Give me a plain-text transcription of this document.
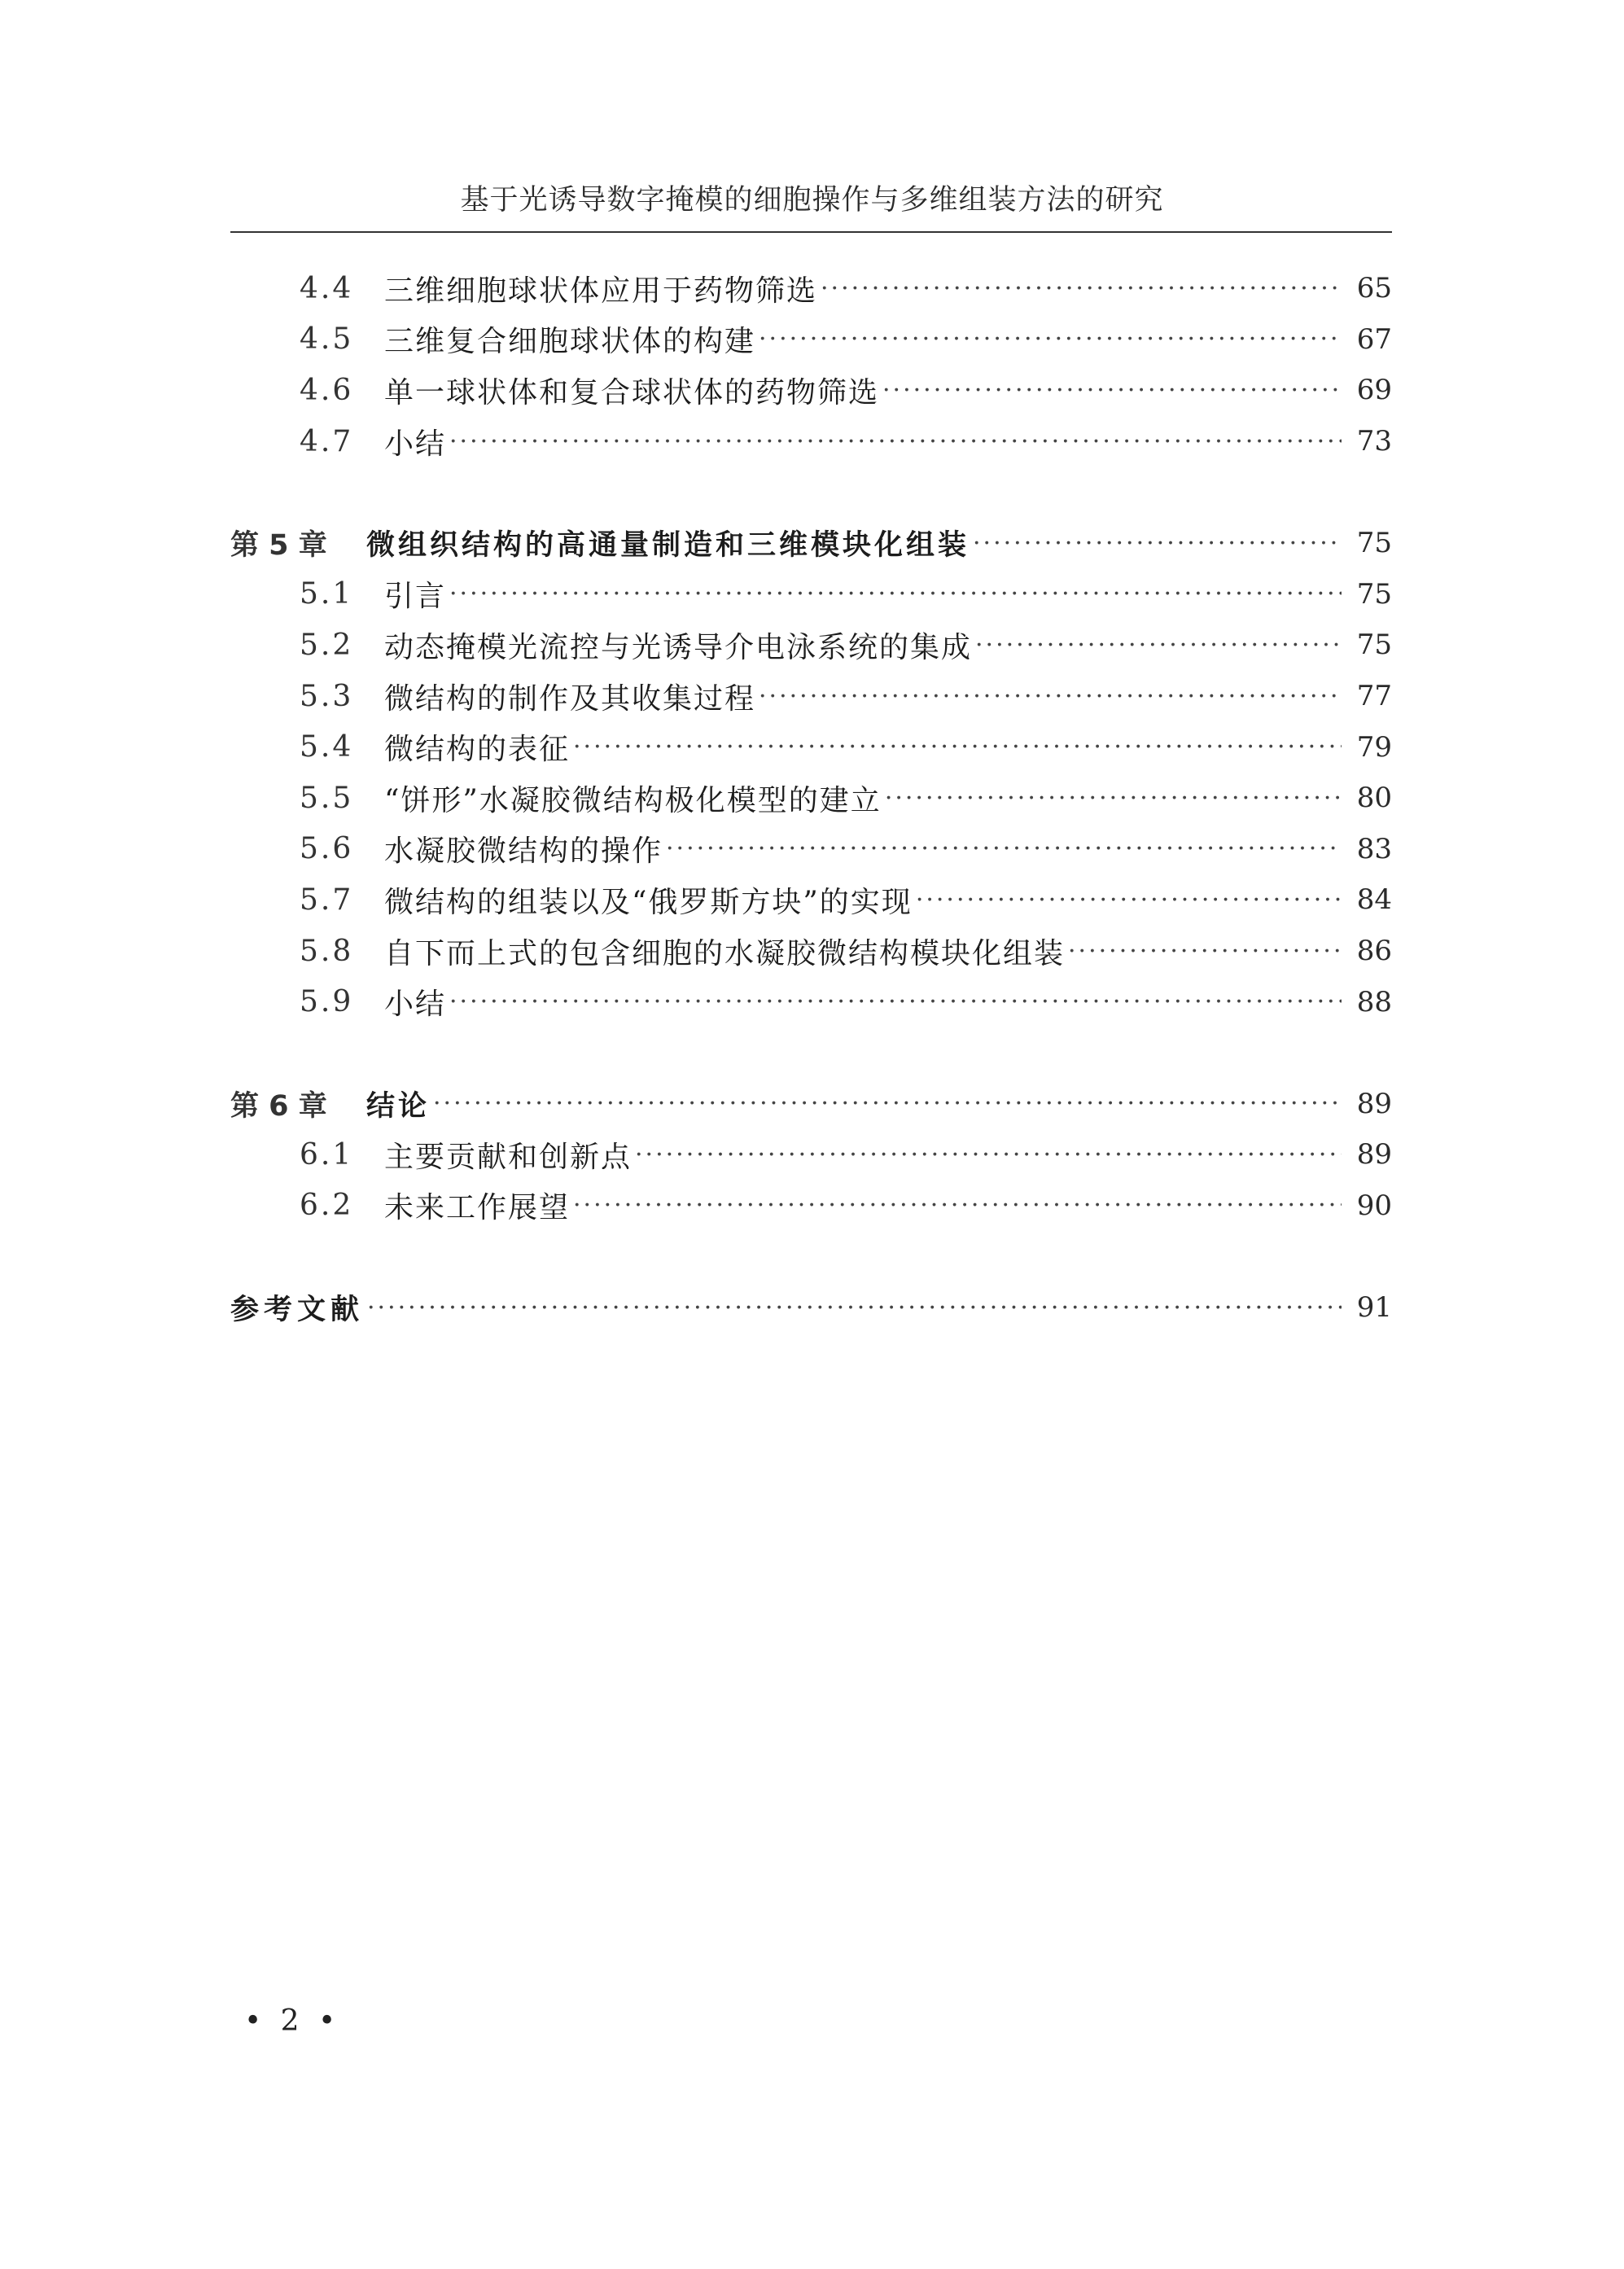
基于光诱导数字掩模的细胞操作与多维组装方法的研究
4.4	三维细胞球状体应用于药物筛选 ·····	65
4.5	三维复合细胞球状体的构建 ·····	67
4.6	单一球状体和复合球状体的药物筛选 ·····	69
4.7	小结 ·····	73
第 5 章	微组织结构的高通量制造和三维模块化组装 ·····	75
5.1	引言 ·····	75
5.2	动态掩模光流控与光诱导介电泳系统的集成 ·····	75
5.3	微结构的制作及其收集过程 ·····	77
5.4	微结构的表征 ·····	79
5.5	“饼形”水凝胶微结构极化模型的建立 ·····	80
5.6	水凝胶微结构的操作 ·····	83
5.7	微结构的组装以及“俄罗斯方块”的实现 ·····	84
5.8	自下而上式的包含细胞的水凝胶微结构模块化组装 ·····	86
5.9	小结 ·····	88
第 6 章	结论 ·····	89
6.1	主要贡献和创新点 ·····	89
6.2	未来工作展望 ·····	90
参考文献 ·····	91
• 2 •
